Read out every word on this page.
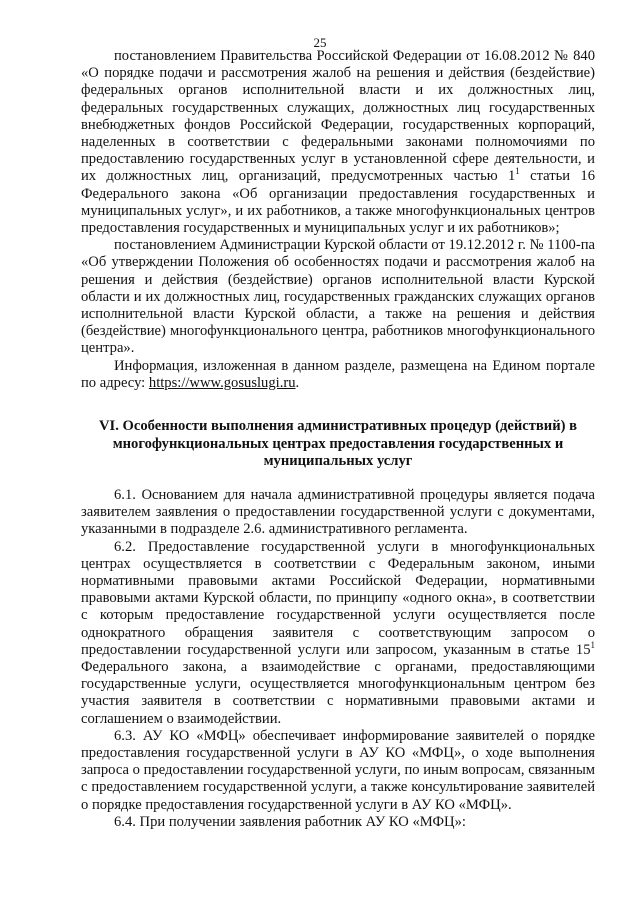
25

постановлением Правительства Российской Федерации от 16.08.2012 № 840 «О порядке подачи и рассмотрения жалоб на решения и действия (бездействие) федеральных органов исполнительной власти и их должностных лиц, федеральных государственных служащих, должностных лиц государственных внебюджетных фондов Российской Федерации, государственных корпораций, наделенных в соответствии с федеральными законами полномочиями по предоставлению государственных услуг в установленной сфере деятельности, и их должностных лиц, организаций, предусмотренных частью $1^1$ статьи 16 Федерального закона «Об организации предоставления государственных и муниципальных услуг», и их работников, а также многофункциональных центров предоставления государственных и муниципальных услуг и их работников»;

постановлением Администрации Курской области от 19.12.2012 г. № 1100-па «Об утверждении Положения об особенностях подачи и рассмотрения жалоб на решения и действия (бездействие) органов исполнительной власти Курской области и их должностных лиц, государственных гражданских служащих органов исполнительной власти Курской области, а также на решения и действия (бездействие) многофункционального центра, работников многофункционального центра».

Информация, изложенная в данном разделе, размещена на Едином портале по адресу: https://www.gosuslugi.ru.

VI. Особенности выполнения административных процедур (действий) в

многофункциональных центрах предоставления государственных и

муниципальных услуг

6.1. Основанием для начала административной процедуры является подача заявителем заявления о предоставлении государственной услуги с документами, указанными в подразделе 2.6. административного регламента.

6.2. Предоставление государственной услуги в многофункциональных центрах осуществляется в соответствии с Федеральным законом, иными нормативными правовыми актами Российской Федерации, нормативными правовыми актами Курской области, по принципу «одного окна», в соответствии с которым предоставление государственной услуги осуществляется после однократного обращения заявителя с соответствующим запросом о предоставлении государственной услуги или запросом, указанным в статье $15^1$ Федерального закона, а взаимодействие с органами, предоставляющими государственные услуги, осуществляется многофункциональным центром без участия заявителя в соответствии с нормативными правовыми актами и соглашением о взаимодействии.

6.3. АУ КО «МФЦ» обеспечивает информирование заявителей о порядке предоставления государственной услуги в АУ КО «МФЦ», о ходе выполнения запроса о предоставлении государственной услуги, по иным вопросам, связанным с предоставлением государственной услуги, а также консультирование заявителей о порядке предоставления государственной услуги в АУ КО «МФЦ».

6.4. При получении заявления работник АУ КО «МФЦ»:
